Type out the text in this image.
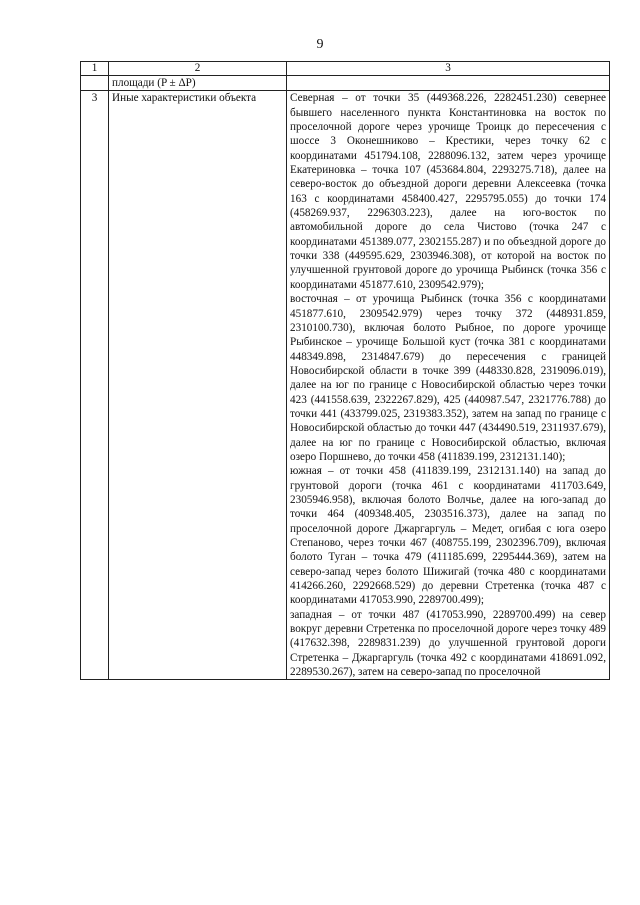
9
1	2	3
	площади (P ± ΔP)	
3	Иные характеристики объекта	Северная – от точки 35 (449368.226, 2282451.230) севернее бывшего населенного пункта Константиновка на восток по проселочной дороге через урочище Троицк до пересечения с шоссе 3 Оконешниково – Крестики, через точку 62 с координатами 451794.108, 2288096.132, затем через урочище Екатериновка – точка 107 (453684.804, 2293275.718), далее на северо-восток до объездной дороги деревни Алексеевка (точка 163 с координатами 458400.427, 2295795.055) до точки 174 (458269.937, 2296303.223), далее на юго-восток по автомобильной дороге до села Чистово (точка 247 с координатами 451389.077, 2302155.287) и по объездной дороге до точки 338 (449595.629, 2303946.308), от которой на восток по улучшенной грунтовой дороге до урочища Рыбинск (точка 356 с координатами 451877.610, 2309542.979);

восточная – от урочища Рыбинск (точка 356 с координатами 451877.610, 2309542.979) через точку 372 (448931.859, 2310100.730), включая болото Рыбное, по дороге урочище Рыбинское – урочище Большой куст (точка 381 с координатами 448349.898, 2314847.679) до пересечения с границей Новосибирской области в точке 399 (448330.828, 2319096.019), далее на юг по границе с Новосибирской областью через точки 423 (441558.639, 2322267.829), 425 (440987.547, 2321776.788) до точки 441 (433799.025, 2319383.352), затем на запад по границе с Новосибирской областью до точки 447 (434490.519, 2311937.679), далее на юг по границе с Новосибирской областью, включая озеро Поршнево, до точки 458 (411839.199, 2312131.140);

южная – от точки 458 (411839.199, 2312131.140) на запад до грунтовой дороги (точка 461 с координатами 411703.649, 2305946.958), включая болото Волчье, далее на юго-запад до точки 464 (409348.405, 2303516.373), далее на запад по проселочной дороге Джаргаргуль – Медет, огибая с юга озеро Степаново, через точки 467 (408755.199, 2302396.709), включая болото Туган – точка 479 (411185.699, 2295444.369), затем на северо-запад через болото Шижигай (точка 480 с координатами 414266.260, 2292668.529) до деревни Стретенка (точка 487 с координатами 417053.990, 2289700.499);

западная – от точки 487 (417053.990, 2289700.499) на север вокруг деревни Стретенка по проселочной дороге через точку 489 (417632.398, 2289831.239) до улучшенной грунтовой дороги Стретенка – Джаргаргуль (точка 492 с координатами 418691.092, 2289530.267), затем на северо-запад по проселочной
